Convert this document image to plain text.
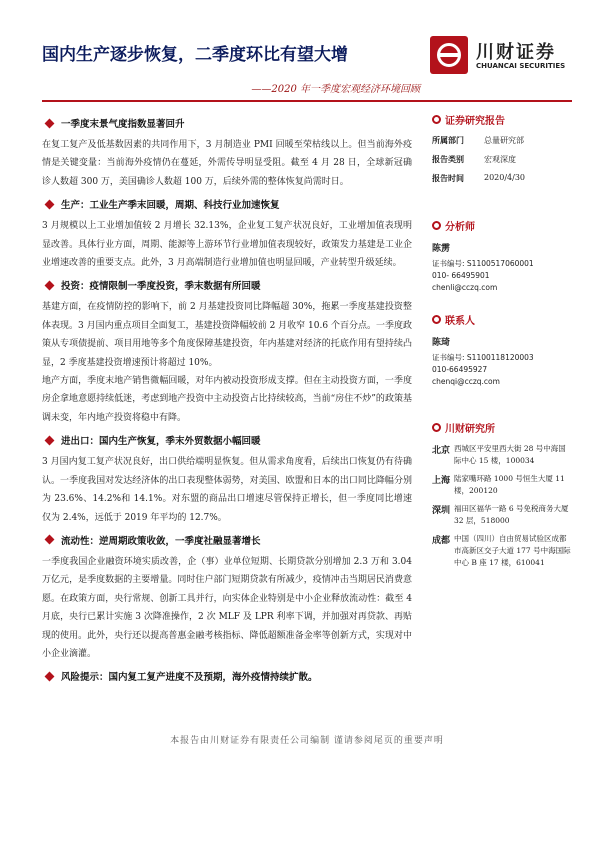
国内生产逐步恢复，二季度环比有望大增
——2020 年一季度宏观经济环境回顾
川财证券
CHUANCAI SECURITIES
一季度末景气度指数显著回升

在复工复产及低基数因素的共同作用下，3 月制造业 PMI 回暖至荣枯线以上。但当前海外疫情是关键变量：当前海外疫情仍在蔓延，外需传导明显受阻。截至 4 月 28 日，全球新冠确诊人数超 300 万，美国确诊人数超 100 万，后续外需的整体恢复尚需时日。

生产：工业生产季末回暖，周期、科技行业加速恢复

3 月规模以上工业增加值较 2 月增长 32.13%，企业复工复产状况良好，工业增加值表现明显改善。具体行业方面，周期、能源等上游环节行业增加值表现较好，政策发力基建是工业企业增速改善的重要支点。此外，3 月高端制造行业增加值也明显回暖，产业转型升级延续。

投资：疫情限制一季度投资，季末数据有所回暖

基建方面，在疫情防控的影响下，前 2 月基建投资同比降幅超 30%，拖累一季度基建投资整体表现。3 月国内重点项目全面复工，基建投资降幅较前 2 月收窄 10.6 个百分点。一季度政策从专项债提前、项目用地等多个角度保障基建投资，年内基建对经济的托底作用有望持续凸显，2 季度基建投资增速预计将超过 10%。

地产方面，季度末地产销售微幅回暖，对年内被动投资形成支撑。但在主动投资方面，一季度房企拿地意愿持续低迷，考虑到地产投资中主动投资占比持续较高，当前“房住不炒”的政策基调未变，年内地产投资将稳中有降。

进出口：国内生产恢复，季末外贸数据小幅回暖

3 月国内复工复产状况良好，出口供给端明显恢复。但从需求角度看，后续出口恢复仍有待确认。一季度我国对发达经济体的出口表现整体弱势，对美国、欧盟和日本的出口同比降幅分别为 23.6%、14.2%和 14.1%。对东盟的商品出口增速尽管保持正增长，但一季度同比增速仅为 2.4%，远低于 2019 年平均的 12.7%。

流动性：逆周期政策收敛，一季度社融显著增长

一季度我国企业融资环境实质改善，企（事）业单位短期、长期贷款分别增加 2.3 万和 3.04 万亿元，是季度数据的主要增量。同时住户部门短期贷款有所减少，疫情冲击当期居民消费意愿。在政策方面，央行常规、创新工具并行，向实体企业特别是中小企业释放流动性：截至 4 月底，央行已累计实施 3 次降准操作，2 次 MLF 及 LPR 利率下调，并加强对再贷款、再贴现的使用。此外，央行还以提高普惠金融考核指标、降低超额准备金率等创新方式，实现对中小企业滴灌。

风险提示：国内复工复产进度不及预期，海外疫情持续扩散。
证券研究报告
所属部门	总量研究部
报告类别	宏观深度
报告时间	2020/4/30
分析师
陈雳
证书编号: S1100517060001
010- 66495901
chenli@cczq.com
联系人
陈琦
证书编号: S1100118120003
010-66495927
chenqi@cczq.com
川财研究所
北京 西城区平安里西大街 28 号中海国际中心 15 楼，100034
上海 陆家嘴环路 1000 号恒生大厦 11 楼，200120
深圳 福田区福华一路 6 号免税商务大厦 32 层，518000
成都 中国（四川）自由贸易试验区成都市高新区交子大道 177 号中海国际中心 B 座 17 楼，610041
本报告由川财证券有限责任公司编制 谨请参阅尾页的重要声明
